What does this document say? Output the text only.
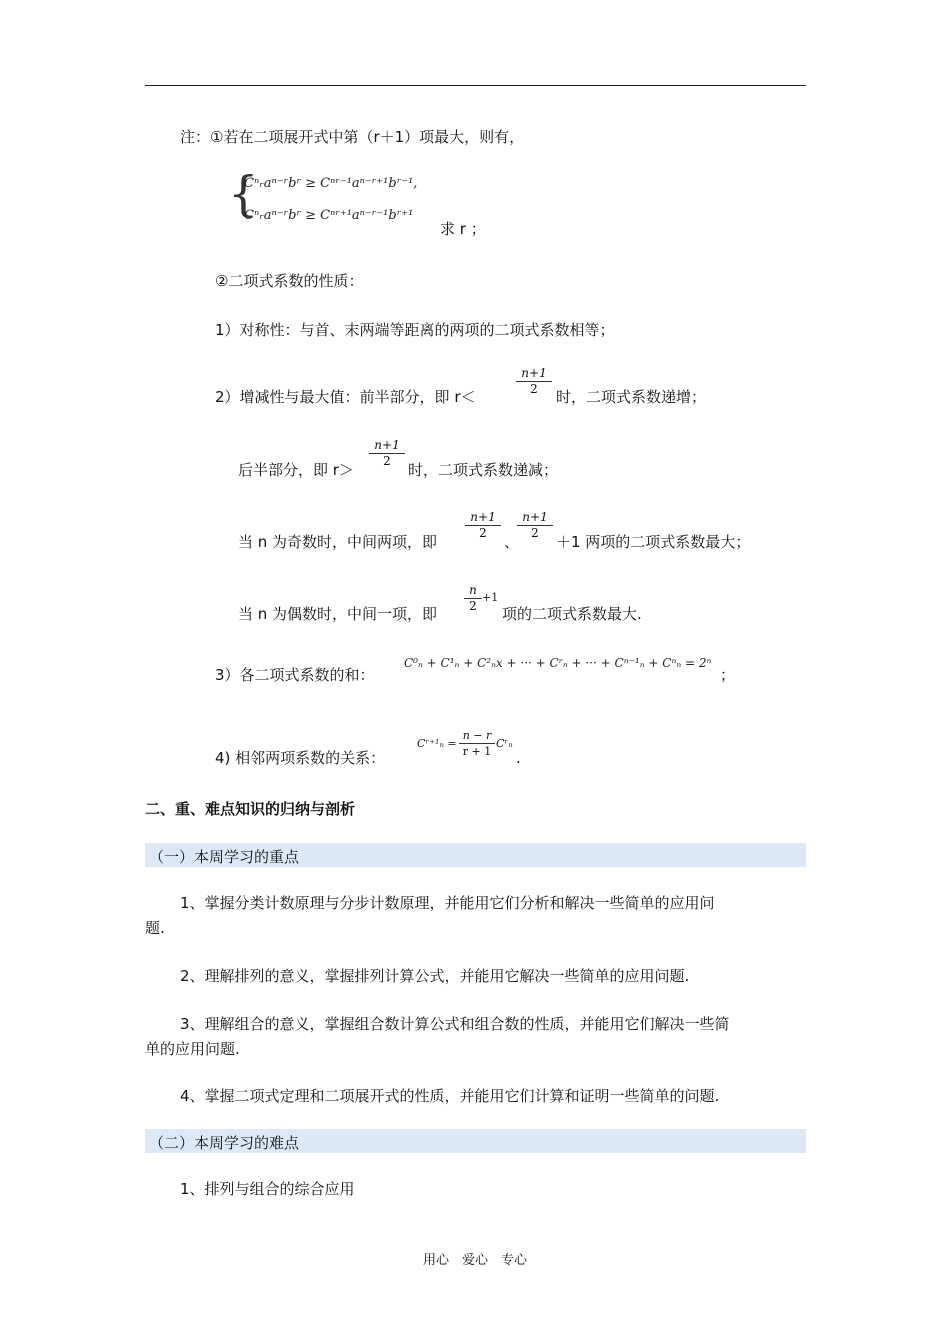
注：①若在二项展开式中第（r＋1）项最大，则有，
{
Cⁿᵣaⁿ⁻ʳbʳ ≥ Cⁿʳ⁻¹aⁿ⁻ʳ⁺¹bʳ⁻¹,
Cⁿᵣaⁿ⁻ʳbʳ ≥ Cⁿʳ⁺¹aⁿ⁻ʳ⁻¹bʳ⁺¹
求 r ；
②二项式系数的性质：
1）对称性：与首、末两端等距离的两项的二项式系数相等；
2）增减性与最大值：前半部分，即 r＜
n+1
2	时，二项式系数递增；
后半部分，即 r＞
n+1
2	时，二项式系数递减；
当 n 为奇数时，中间两项，即
n+1
2	、
n+1
2	＋1 两项的二项式系数最大；
当 n 为偶数时，中间一项，即
n
2
+1
项的二项式系数最大.
3）各二项式系数的和：
C⁰ₙ + C¹ₙ + C²ₙx + ··· + Cʳₙ + ··· + Cⁿ⁻¹ₙ + Cⁿₙ = 2ⁿ
；
4) 相邻两项系数的关系：
Cʳ⁺¹ₙ =
n − r
r + 1
Cʳₙ
.
二、重、难点知识的归纳与剖析
（一）本周学习的重点
1、掌握分类计数原理与分步计数原理，并能用它们分析和解决一些简单的应用问
题.
2、理解排列的意义，掌握排列计算公式，并能用它解决一些简单的应用问题.
3、理解组合的意义，掌握组合数计算公式和组合数的性质，并能用它们解决一些简
单的应用问题.
4、掌握二项式定理和二项展开式的性质，并能用它们计算和证明一些简单的问题.
（二）本周学习的难点
1、排列与组合的综合应用
用心　爱心　专心
